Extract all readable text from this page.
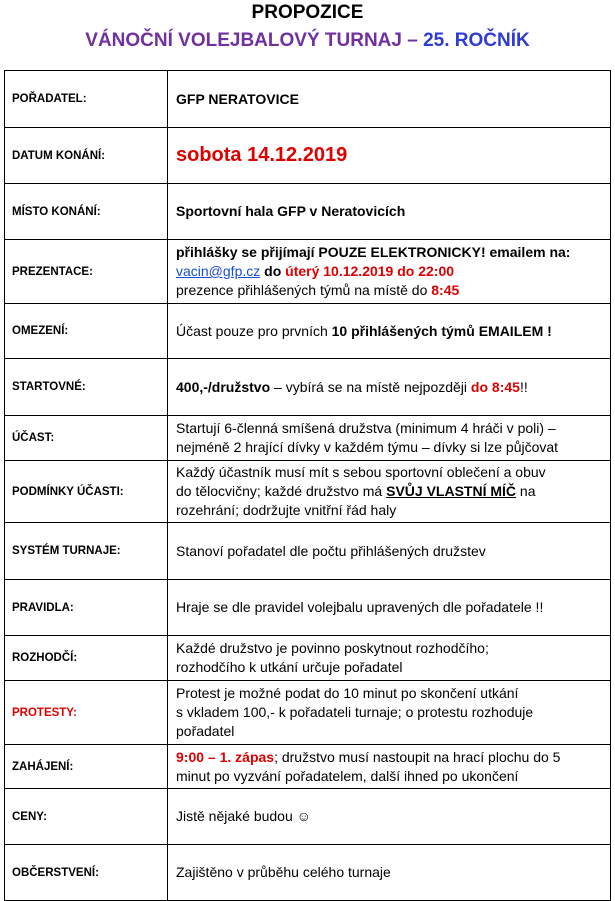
PROPOZICE
VÁNOČNÍ VOLEJBALOVÝ TURNAJ – 25. ROČNÍK
POŘADATEL:	GFP NERATOVICE
DATUM KONÁNÍ:	sobota 14.12.2019
MÍSTO KONÁNÍ:	Sportovní hala GFP v Neratovicích
PREZENTACE:	přihlášky se přijímají POUZE ELEKTRONICKY! emailem na:
vacin@gfp.cz do úterý 10.12.2019 do 22:00
prezence přihlášených týmů na místě do 8:45

OMEZENÍ:	Účast pouze pro prvních 10 přihlášených týmů EMAILEM !
STARTOVNÉ:	400,-/družstvo – vybírá se na místě nejpozději do 8:45!!
ÚČAST:	Startují 6-členná smíšená družstva (minimum 4 hráči v poli) –
nejméně 2 hrající dívky v každém týmu – dívky si lze půjčovat

PODMÍNKY ÚČASTI:	Každý účastník musí mít s sebou sportovní oblečení a obuv
do tělocvičny; každé družstvo má SVŮJ VLASTNÍ MÍČ na
rozehrání; dodržujte vnitřní řád haly

SYSTÉM TURNAJE:	Stanoví pořadatel dle počtu přihlášených družstev
PRAVIDLA:	Hraje se dle pravidel volejbalu upravených dle pořadatele !!
ROZHODČÍ:	Každé družstvo je povinno poskytnout rozhodčího;
rozhodčího k utkání určuje pořadatel

PROTESTY:	Protest je možné podat do 10 minut po skončení utkání
s vkladem 100,- k pořadateli turnaje; o protestu rozhoduje
pořadatel

ZAHÁJENÍ:	9:00 – 1. zápas; družstvo musí nastoupit na hrací plochu do 5
minut po vyzvání pořadatelem, další ihned po ukončení

CENY:	Jistě nějaké budou ☺
OBČERSTVENÍ:	Zajištěno v průběhu celého turnaje
